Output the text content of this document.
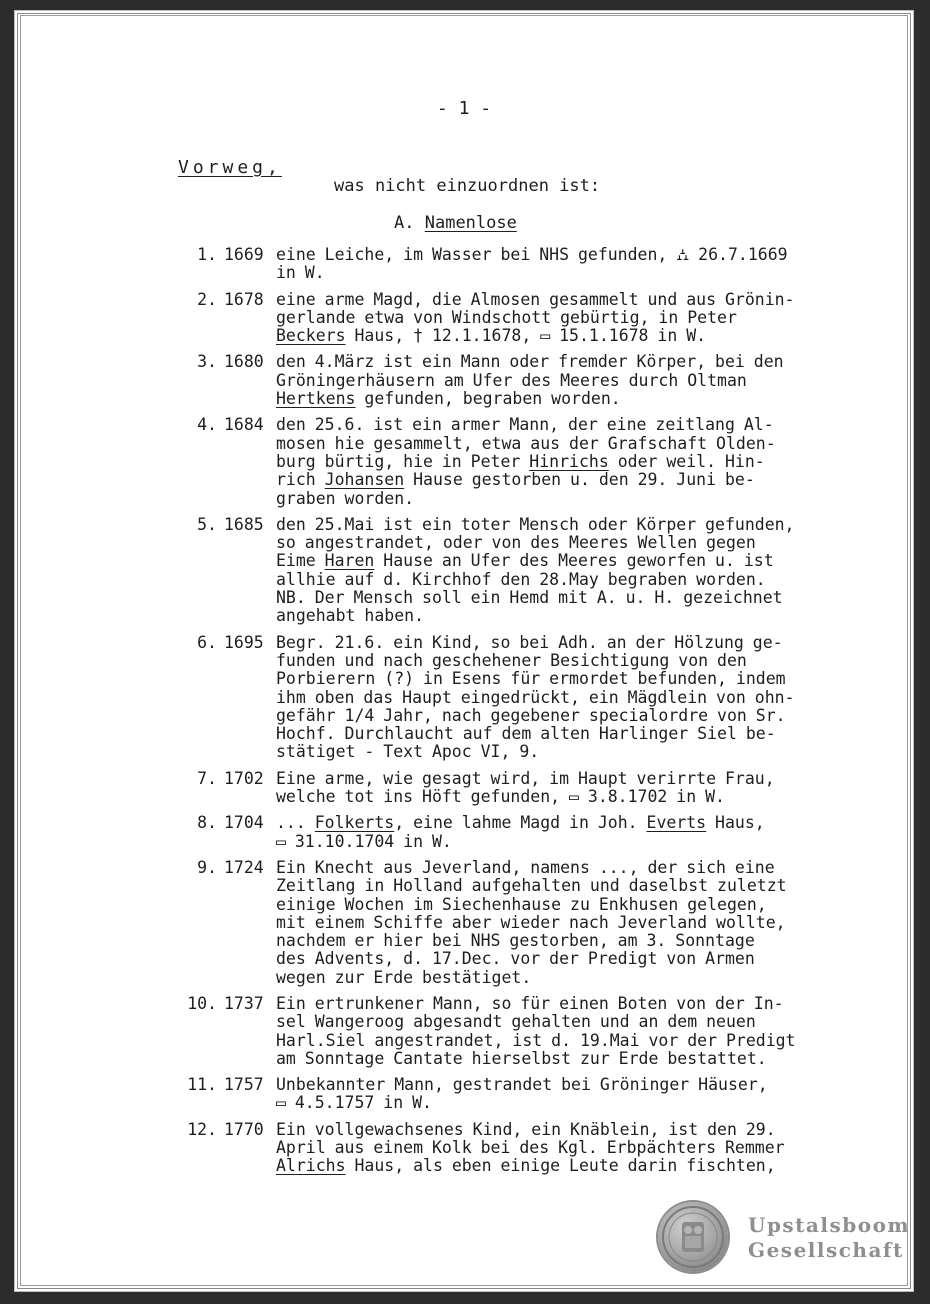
- 1 -
Vorweg,
was nicht einzuordnen ist:
A. Namenlose
1. 1669 eine Leiche, im Wasser bei NHS gefunden, ⛼ 26.7.1669
in W.
2. 1678 eine arme Magd, die Almosen gesammelt und aus Grönin-
gerlande etwa von Windschott gebürtig, in Peter
Beckers Haus, † 12.1.1678, ▭ 15.1.1678 in W.
3. 1680 den 4.März ist ein Mann oder fremder Körper, bei den
Gröningerhäusern am Ufer des Meeres durch Oltman
Hertkens gefunden, begraben worden.
4. 1684 den 25.6. ist ein armer Mann, der eine zeitlang Al-
mosen hie gesammelt, etwa aus der Grafschaft Olden-
burg bürtig, hie in Peter Hinrichs oder weil. Hin-
rich Johansen Hause gestorben u. den 29. Juni be-
graben worden.
5. 1685 den 25.Mai ist ein toter Mensch oder Körper gefunden,
so angestrandet, oder von des Meeres Wellen gegen
Eime Haren Hause an Ufer des Meeres geworfen u. ist
allhie auf d. Kirchhof den 28.May begraben worden.
NB. Der Mensch soll ein Hemd mit A. u. H. gezeichnet
angehabt haben.
6. 1695 Begr. 21.6. ein Kind, so bei Adh. an der Hölzung ge-
funden und nach geschehener Besichtigung von den
Porbierern (?) in Esens für ermordet befunden, indem
ihm oben das Haupt eingedrückt, ein Mägdlein von ohn-
gefähr 1/4 Jahr, nach gegebener specialordre von Sr.
Hochf. Durchlaucht auf dem alten Harlinger Siel be-
stätiget - Text Apoc VI, 9.
7. 1702 Eine arme, wie gesagt wird, im Haupt verirrte Frau,
welche tot ins Höft gefunden, ▭ 3.8.1702 in W.
8. 1704 ... Folkerts, eine lahme Magd in Joh. Everts Haus,
▭ 31.10.1704 in W.
9. 1724 Ein Knecht aus Jeverland, namens ..., der sich eine
Zeitlang in Holland aufgehalten und daselbst zuletzt
einige Wochen im Siechenhause zu Enkhusen gelegen,
mit einem Schiffe aber wieder nach Jeverland wollte,
nachdem er hier bei NHS gestorben, am 3. Sonntage
des Advents, d. 17.Dec. vor der Predigt von Armen
wegen zur Erde bestätiget.
10. 1737 Ein ertrunkener Mann, so für einen Boten von der In-
sel Wangeroog abgesandt gehalten und an dem neuen
Harl.Siel angestrandet, ist d. 19.Mai vor der Predigt
am Sonntage Cantate hierselbst zur Erde bestattet.
11. 1757 Unbekannter Mann, gestrandet bei Gröninger Häuser,
▭ 4.5.1757 in W.
12. 1770 Ein vollgewachsenes Kind, ein Knäblein, ist den 29.
April aus einem Kolk bei des Kgl. Erbpächters Remmer
Alrichs Haus, als eben einige Leute darin fischten,
Upstalsboom
Gesellschaft
